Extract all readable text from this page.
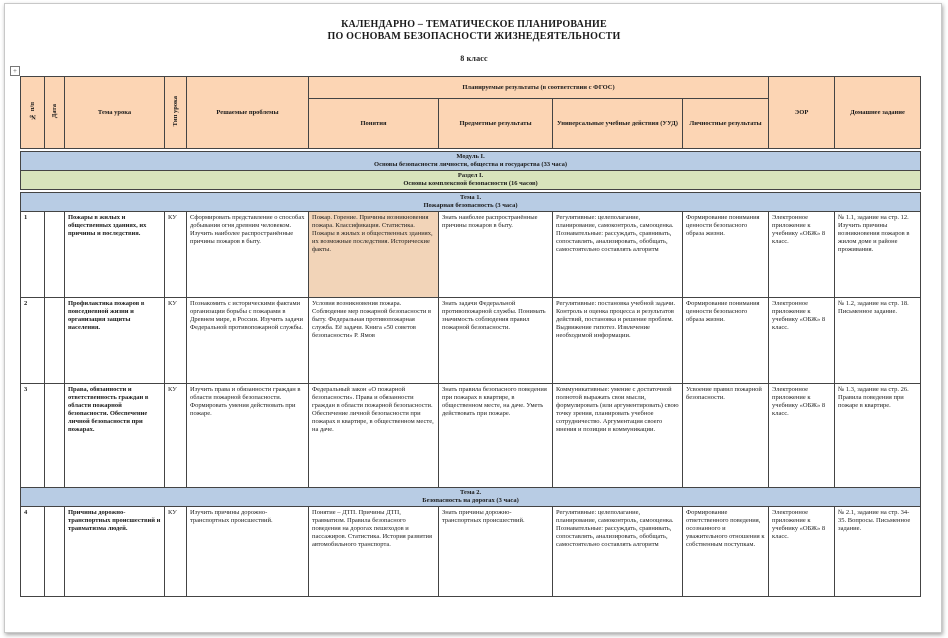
КАЛЕНДАРНО – ТЕМАТИЧЕСКОЕ ПЛАНИРОВАНИЕ
ПО ОСНОВАМ БЕЗОПАСНОСТИ ЖИЗНЕДЕЯТЕЛЬНОСТИ
8 класс
+
№ п/п	Дата	Тема урока	Тип урока	Решаемые проблемы	Планируемые результаты (в соответствии с ФГОС)				ЭОР	Домашнее задание
					Понятия	Предметные результаты	Универсальные учебные действия (УУД)	Личностные результаты		

Модуль I.
Основы безопасности личности, общества и государства (33 часа)										

Раздел I.
Основы комплексной безопасности (16 часов)										

Тема 1.
Пожарная безопасность (3 часа)										

1		Пожары в жилых и общественных зданиях, их причины и последствия.	КУ	Сформировать представление о способах добывания огня древним человеком. Изучить наиболее распространённые причины пожаров в быту.	Пожар. Горение. Причины возникновения пожара. Классификация. Статистика. Пожары в жилых и общественных зданиях, их возможные последствия. Исторические факты.	Знать наиболее распространённые причины пожаров в быту.	Регулятивные: целеполагание, планирование, самоконтроль, самооценка. Познавательные: рассуждать, сравнивать, сопоставлять, анализировать, обобщать, самостоятельно составлять алгоритм	Формирование понимания ценности безопасного образа жизни.	Электронное приложение к учебнику «ОБЖ» 8 класс.	№ 1.1, задание на стр. 12. Изучить причины возникновения пожаров в жилом доме и районе проживания.
2		Профилактика пожаров в повседневной жизни и организация защиты населения.	КУ	Познакомить с историческими фактами организации борьбы с пожарами в Древнем мире, в России. Изучить задачи Федеральной противопожарной службы.	Условия возникновения пожара. Соблюдение мер пожарной безопасности в быту. Федеральная противопожарная служба. Её задачи. Книга «50 советов безопасности» Р. Ямов	Знать задачи Федеральной противопожарной службы. Понимать значимость соблюдения правил пожарной безопасности.	Регулятивные: постановка учебной задачи. Контроль и оценка процесса и результатов действий, постановка и решение проблем. Выдвижение гипотез. Извлечение необходимой информации.	Формирование понимания ценности безопасного образа жизни.	Электронное приложение к учебнику «ОБЖ» 8 класс.	№ 1.2, задание на стр. 18. Письменное задание.
3		Права, обязанности и ответственность граждан в области пожарной безопасности. Обеспечение личной безопасности при пожарах.	КУ	Изучить права и обязанности граждан в области пожарной безопасности. Формировать умения действовать при пожаре.	Федеральный закон «О пожарной безопасности». Права и обязанности граждан в области пожарной безопасности. Обеспечение личной безопасности при пожарах в квартире, в общественном месте, на даче.	Знать правила безопасного поведения при пожарах в квартире, в общественном месте, на даче. Уметь действовать при пожаре.	Коммуникативные: умение с достаточной полнотой выражать свои мысли, формулировать (или аргументировать) свою точку зрения, планировать учебное сотрудничество. Аргументация своего мнения и позиции в коммуникации.	Усвоение правил пожарной безопасности.	Электронное приложение к учебнику «ОБЖ» 8 класс.	№ 1.3, задание на стр. 26. Правила поведения при пожаре в квартире.

Тема 2.
Безопасность на дорогах (3 часа)										

4		Причины дорожно-транспортных происшествий и травматизма людей.	КУ	Изучить причины дорожно-транспортных происшествий.	Понятие – ДТП. Причины ДТП, травматизм. Правила безопасного поведения на дорогах пешеходов и пассажиров. Статистика. История развития автомобильного транспорта.	Знать причины дорожно-транспортных происшествий.	Регулятивные: целеполагание, планирование, самоконтроль, самооценка. Познавательные: рассуждать, сравнивать, сопоставлять, анализировать, обобщать, самостоятельно составлять алгоритм	Формирование ответственного поведения, осознанного и уважительного отношения к собственным поступкам.	Электронное приложение к учебнику «ОБЖ» 8 класс.	№ 2.1, задание на стр. 34-35. Вопросы. Письменное задание.
